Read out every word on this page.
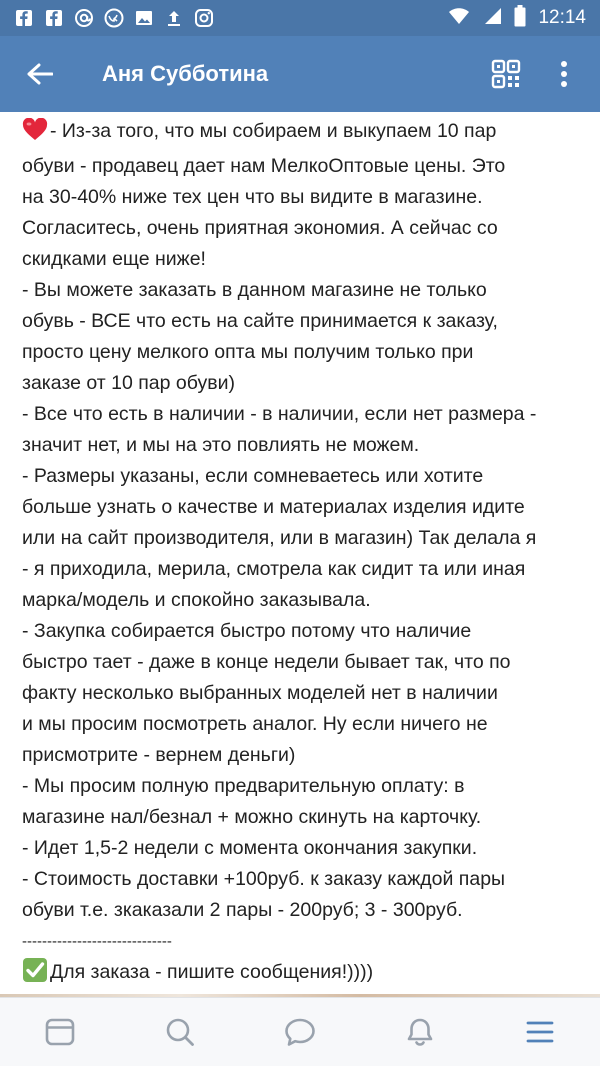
12:14
Аня Субботина
- Из-за того, что мы собираем и выкупаем 10 пар
обуви - продавец дает нам МелкоОптовые цены. Это
на 30-40% ниже тех цен что вы видите в магазине.
Согласитесь, очень приятная экономия. А сейчас со
скидками еще ниже!
- Вы можете заказать в данном магазине не только
обувь - ВСЕ что есть на сайте принимается к заказу,
просто цену мелкого опта мы получим только при
заказе от 10 пар обуви)
- Все что есть в наличии - в наличии, если нет размера -
значит нет, и мы на это повлиять не можем.
- Размеры указаны, если сомневаетесь или хотите
больше узнать о качестве и материалах изделия идите
или на сайт производителя, или в магазин) Так делала я
- я приходила, мерила, смотрела как сидит та или иная
марка/модель и спокойно заказывала.
- Закупка собирается быстро потому что наличие
быстро тает - даже в конце недели бывает так, что по
факту несколько выбранных моделей нет в наличии
и мы просим посмотреть аналог. Ну если ничего не
присмотрите - вернем деньги)
- Мы просим полную предварительную оплату: в
магазине нал/безнал + можно скинуть на карточку.
- Идет 1,5-2 недели с момента окончания закупки.
- Стоимость доставки +100руб. к заказу каждой пары
обуви т.е. зкаказали 2 пары - 200руб; 3 - 300руб.
------------------------------
Для заказа - пишите сообщения!))))
